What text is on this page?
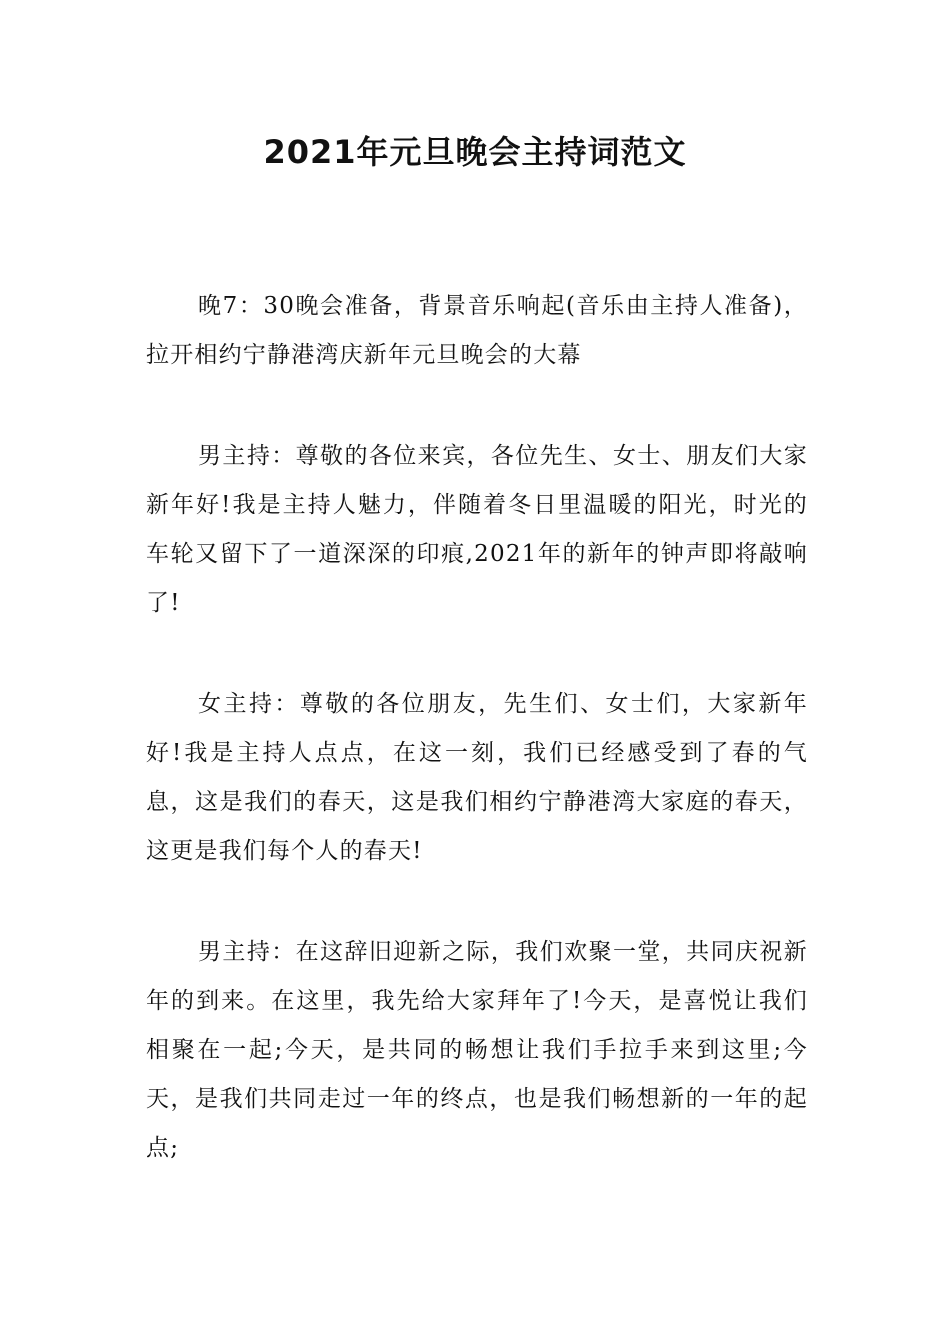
2021年元旦晚会主持词范文

晚7：30晚会准备，背景音乐响起(音乐由主持人准备)，拉开相约宁静港湾庆新年元旦晚会的大幕

男主持：尊敬的各位来宾，各位先生、女士、朋友们大家新年好!我是主持人魅力，伴随着冬日里温暖的阳光，时光的车轮又留下了一道深深的印痕,2021年的新年的钟声即将敲响了!

女主持：尊敬的各位朋友，先生们、女士们，大家新年好!我是主持人点点，在这一刻，我们已经感受到了春的气息，这是我们的春天，这是我们相约宁静港湾大家庭的春天，这更是我们每个人的春天!

男主持：在这辞旧迎新之际，我们欢聚一堂，共同庆祝新年的到来。在这里，我先给大家拜年了!今天，是喜悦让我们相聚在一起;今天，是共同的畅想让我们手拉手来到这里;今天，是我们共同走过一年的终点，也是我们畅想新的一年的起点;
